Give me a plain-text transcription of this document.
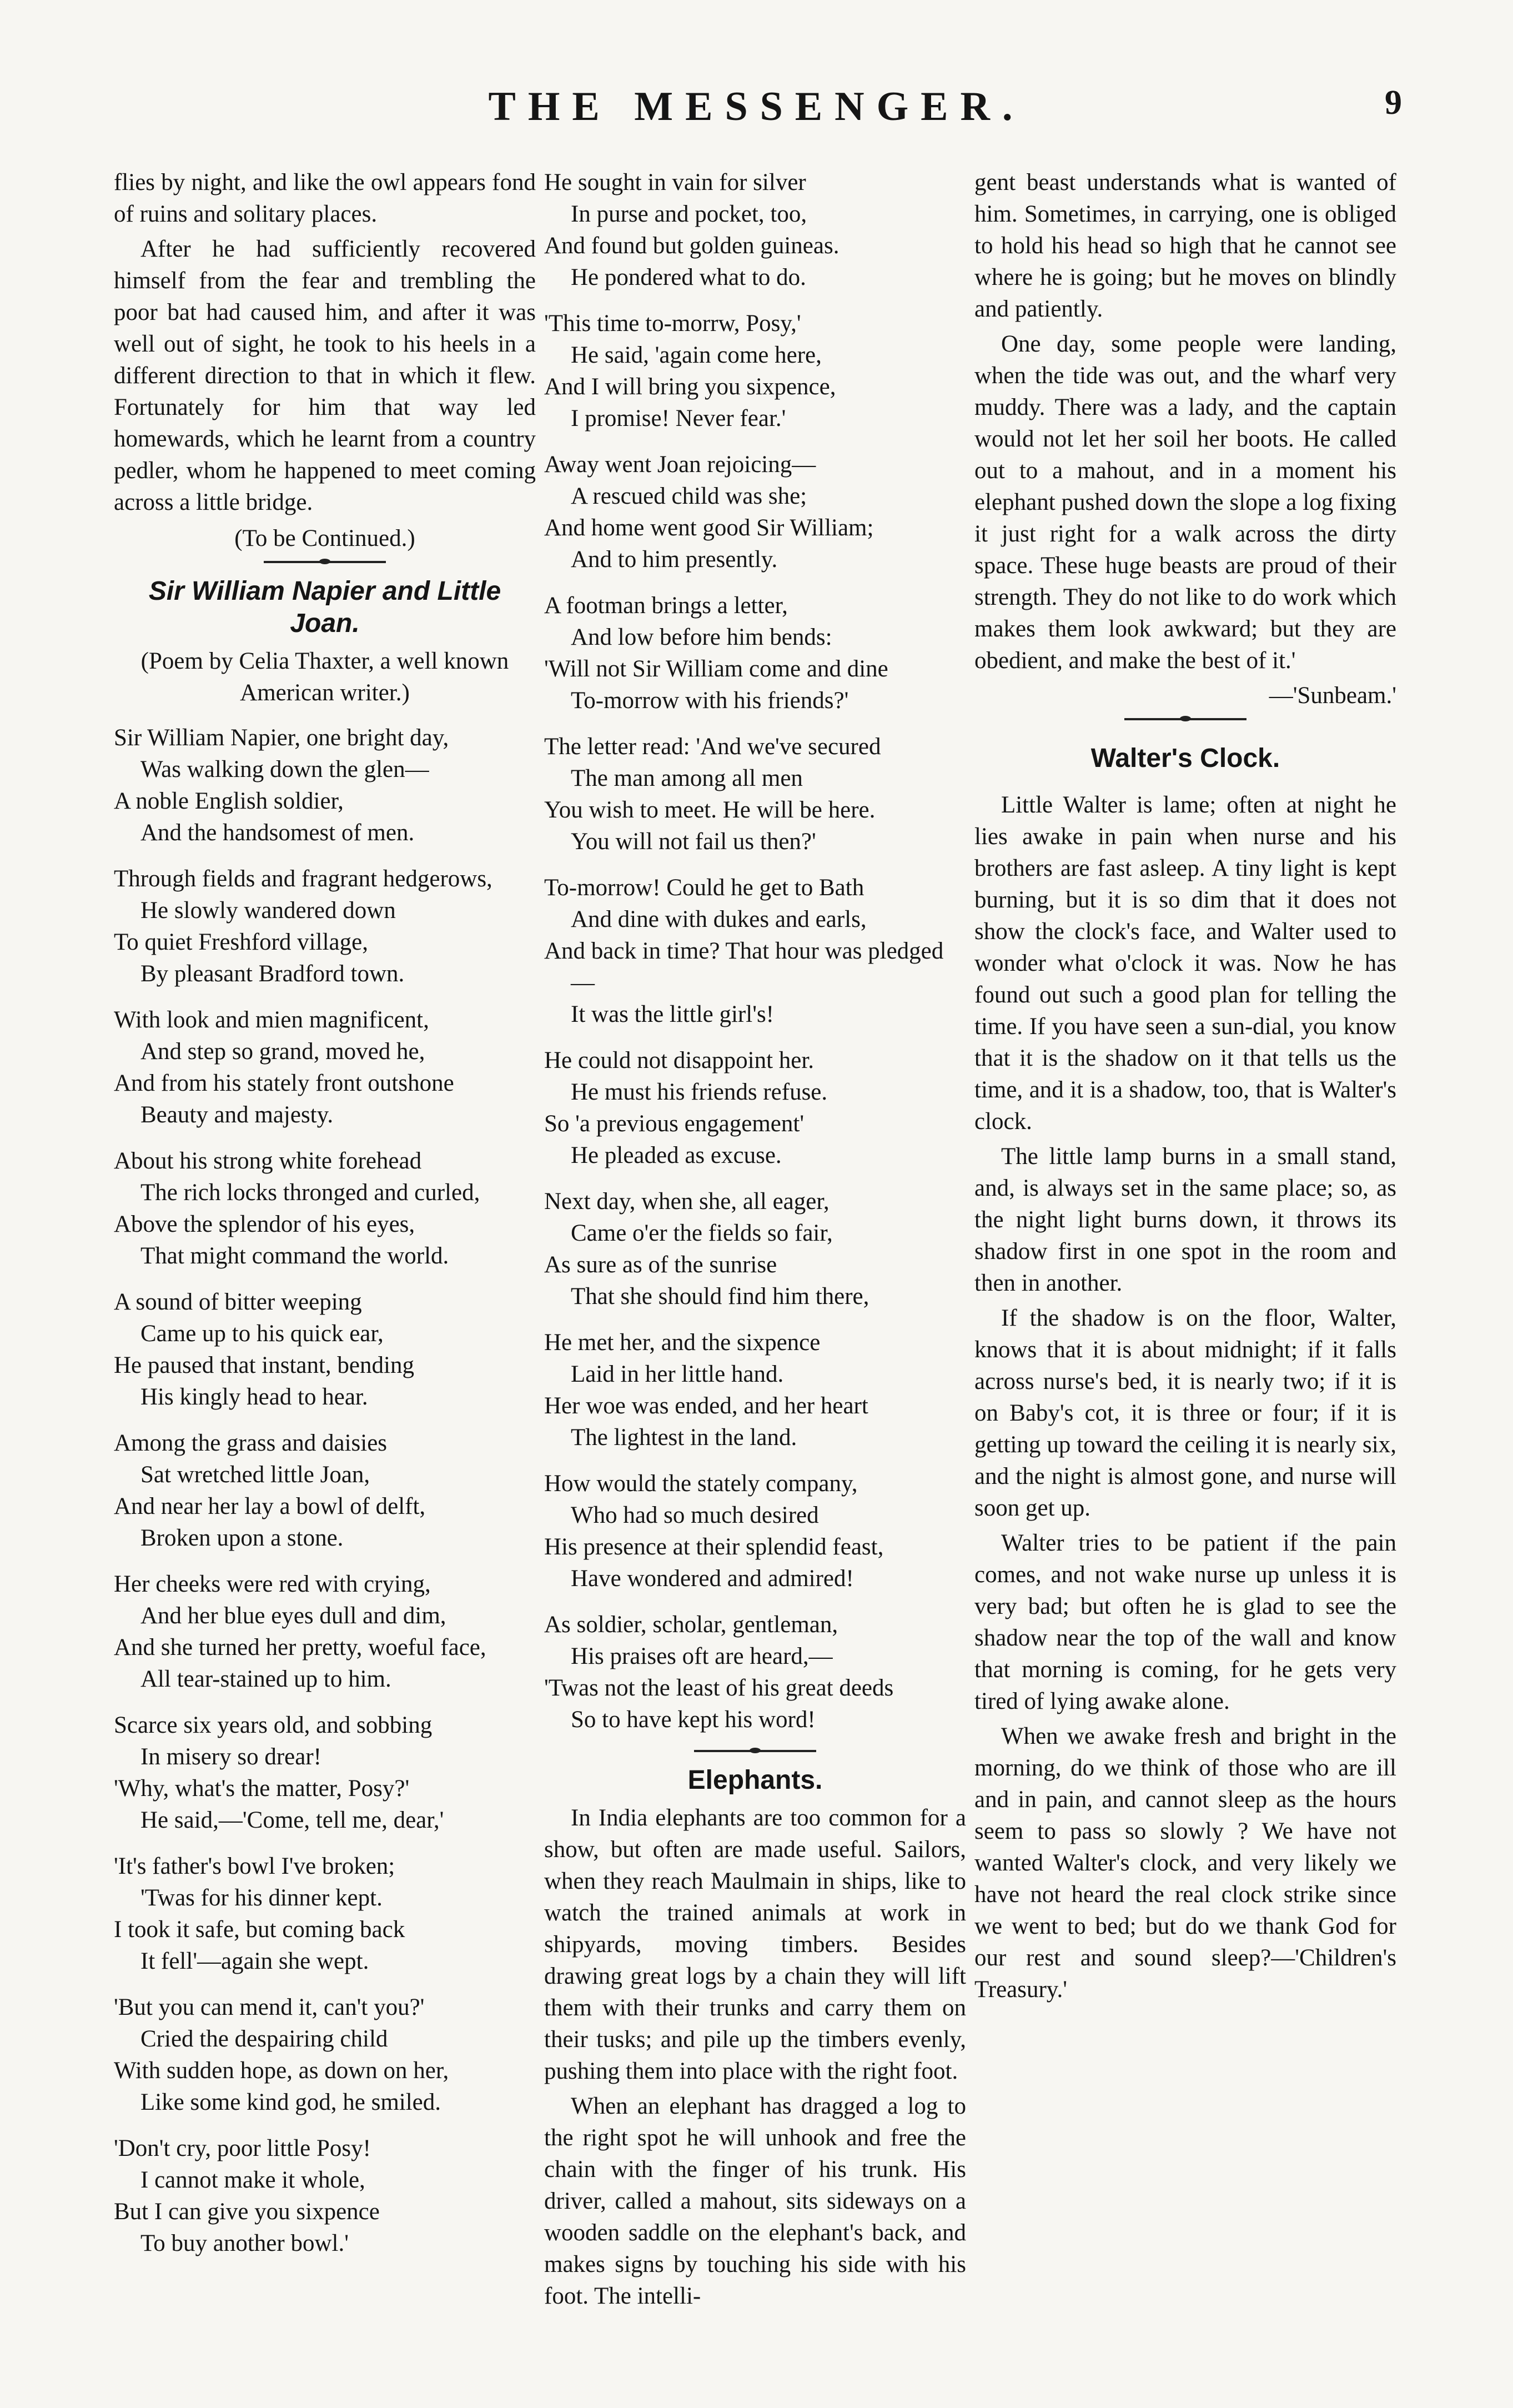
THE MESSENGER.	9

flies by night, and like the owl appears fond of ruins and solitary places.

After he had sufficiently recovered himself from the fear and trembling the poor bat had caused him, and after it was well out of sight, he took to his heels in a different direction to that in which it flew. Fortunately for him that way led homewards, which he learnt from a country pedler, whom he happened to meet coming across a little bridge.

(To be Continued.)
Sir William Napier and Little Joan.
(Poem by Celia Thaxter, a well known American writer.)
Sir William Napier, one bright day,
Was walking down the glen—
A noble English soldier,
And the handsomest of men.
Through fields and fragrant hedgerows,
He slowly wandered down
To quiet Freshford village,
By pleasant Bradford town.
With look and mien magnificent,
And step so grand, moved he,
And from his stately front outshone
Beauty and majesty.
About his strong white forehead
The rich locks thronged and curled,
Above the splendor of his eyes,
That might command the world.
A sound of bitter weeping
Came up to his quick ear,
He paused that instant, bending
His kingly head to hear.
Among the grass and daisies
Sat wretched little Joan,
And near her lay a bowl of delft,
Broken upon a stone.
Her cheeks were red with crying,
And her blue eyes dull and dim,
And she turned her pretty, woeful face,
All tear-stained up to him.
Scarce six years old, and sobbing
In misery so drear!
'Why, what's the matter, Posy?'
He said,—'Come, tell me, dear,'
'It's father's bowl I've broken;
'Twas for his dinner kept.
I took it safe, but coming back
It fell'—again she wept.
'But you can mend it, can't you?'
Cried the despairing child
With sudden hope, as down on her,
Like some kind god, he smiled.
'Don't cry, poor little Posy!
I cannot make it whole,
But I can give you sixpence
To buy another bowl.'
He sought in vain for silver
In purse and pocket, too,
And found but golden guineas.
He pondered what to do.
'This time to-morrw, Posy,'
He said, 'again come here,
And I will bring you sixpence,
I promise! Never fear.'
Away went Joan rejoicing—
A rescued child was she;
And home went good Sir William;
And to him presently.
A footman brings a letter,
And low before him bends:
'Will not Sir William come and dine
To-morrow with his friends?'
The letter read: 'And we've secured
The man among all men
You wish to meet. He will be here.
You will not fail us then?'
To-morrow! Could he get to Bath
And dine with dukes and earls,
And back in time? That hour was pledged—
It was the little girl's!
He could not disappoint her.
He must his friends refuse.
So 'a previous engagement'
He pleaded as excuse.
Next day, when she, all eager,
Came o'er the fields so fair,
As sure as of the sunrise
That she should find him there,
He met her, and the sixpence
Laid in her little hand.
Her woe was ended, and her heart
The lightest in the land.
How would the stately company,
Who had so much desired
His presence at their splendid feast,
Have wondered and admired!
As soldier, scholar, gentleman,
His praises oft are heard,—
'Twas not the least of his great deeds
So to have kept his word!
Elephants.

In India elephants are too common for a show, but often are made useful. Sailors, when they reach Maulmain in ships, like to watch the trained animals at work in shipyards, moving timbers. Besides drawing great logs by a chain they will lift them with their trunks and carry them on their tusks; and pile up the timbers evenly, pushing them into place with the right foot.

When an elephant has dragged a log to the right spot he will unhook and free the chain with the finger of his trunk. His driver, called a mahout, sits sideways on a wooden saddle on the elephant's back, and makes signs by touching his side with his foot. The intelli-

gent beast understands what is wanted of him. Sometimes, in carrying, one is obliged to hold his head so high that he cannot see where he is going; but he moves on blindly and patiently.

One day, some people were landing, when the tide was out, and the wharf very muddy. There was a lady, and the captain would not let her soil her boots. He called out to a mahout, and in a moment his elephant pushed down the slope a log fixing it just right for a walk across the dirty space. These huge beasts are proud of their strength. They do not like to do work which makes them look awkward; but they are obedient, and make the best of it.'

—'Sunbeam.'
Walter's Clock.

Little Walter is lame; often at night he lies awake in pain when nurse and his brothers are fast asleep. A tiny light is kept burning, but it is so dim that it does not show the clock's face, and Walter used to wonder what o'clock it was. Now he has found out such a good plan for telling the time. If you have seen a sun-dial, you know that it is the shadow on it that tells us the time, and it is a shadow, too, that is Walter's clock.

The little lamp burns in a small stand, and, is always set in the same place; so, as the night light burns down, it throws its shadow first in one spot in the room and then in another.

If the shadow is on the floor, Walter, knows that it is about midnight; if it falls across nurse's bed, it is nearly two; if it is on Baby's cot, it is three or four; if it is getting up toward the ceiling it is nearly six, and the night is almost gone, and nurse will soon get up.

Walter tries to be patient if the pain comes, and not wake nurse up unless it is very bad; but often he is glad to see the shadow near the top of the wall and know that morning is coming, for he gets very tired of lying awake alone.

When we awake fresh and bright in the morning, do we think of those who are ill and in pain, and cannot sleep as the hours seem to pass so slowly ? We have not wanted Walter's clock, and very likely we have not heard the real clock strike since we went to bed; but do we thank God for our rest and sound sleep?—'Children's Treasury.'
